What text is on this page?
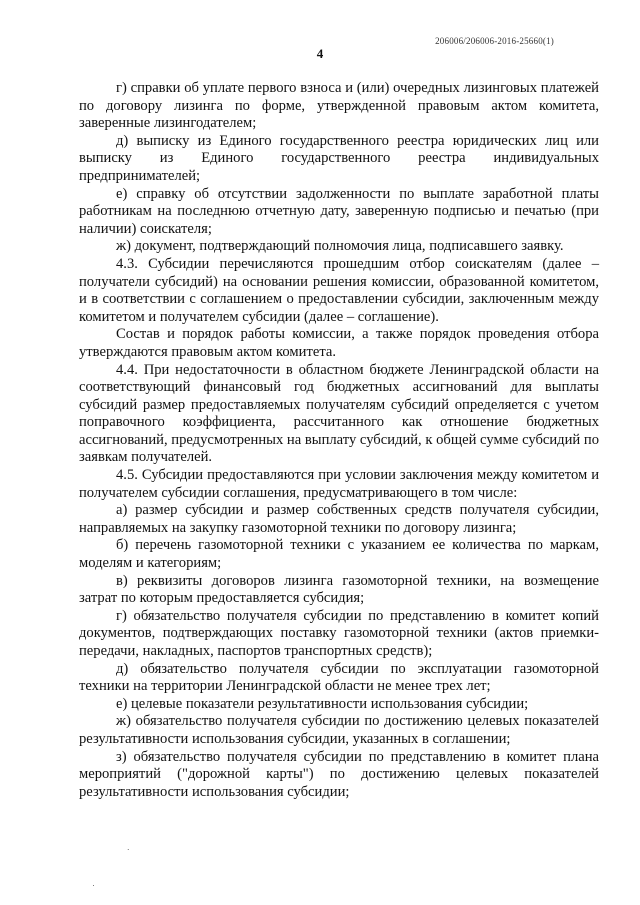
206006/206006-2016-25660(1)
4

г) справки об уплате первого взноса и (или) очередных лизинговых платежей по договору лизинга по форме, утвержденной правовым актом комитета, заверенные лизингодателем;

д) выписку из Единого государственного реестра юридических лиц или выписку из Единого государственного реестра индивидуальных предпринимателей;

е) справку об отсутствии задолженности по выплате заработной платы работникам на последнюю отчетную дату, заверенную подписью и печатью (при наличии) соискателя;

ж) документ, подтверждающий полномочия лица, подписавшего заявку.

4.3. Субсидии перечисляются прошедшим отбор соискателям (далее – получатели субсидий) на основании решения комиссии, образованной комитетом, и в соответствии с соглашением о предоставлении субсидии, заключенным между комитетом и получателем субсидии (далее – соглашение).

Состав и порядок работы комиссии, а также порядок проведения отбора утверждаются правовым актом комитета.

4.4. При недостаточности в областном бюджете Ленинградской области на соответствующий финансовый год бюджетных ассигнований для выплаты субсидий размер предоставляемых получателям субсидий определяется с учетом поправочного коэффициента, рассчитанного как отношение бюджетных ассигнований, предусмотренных на выплату субсидий, к общей сумме субсидий по заявкам получателей.

4.5. Субсидии предоставляются при условии заключения между комитетом и получателем субсидии соглашения, предусматривающего в том числе:

а) размер субсидии и размер собственных средств получателя субсидии, направляемых на закупку газомоторной техники по договору лизинга;

б) перечень газомоторной техники с указанием ее количества по маркам, моделям и категориям;

в) реквизиты договоров лизинга газомоторной техники, на возмещение затрат по которым предоставляется субсидия;

г) обязательство получателя субсидии по представлению в комитет копий документов, подтверждающих поставку газомоторной техники (актов приемки-передачи, накладных, паспортов транспортных средств);

д) обязательство получателя субсидии по эксплуатации газомоторной техники на территории Ленинградской области не менее трех лет;

е) целевые показатели результативности использования субсидии;

ж) обязательство получателя субсидии по достижению целевых показателей результативности использования субсидии, указанных в соглашении;

з) обязательство получателя субсидии по представлению в комитет плана мероприятий ("дорожной карты") по достижению целевых показателей результативности использования субсидии;

.
·
